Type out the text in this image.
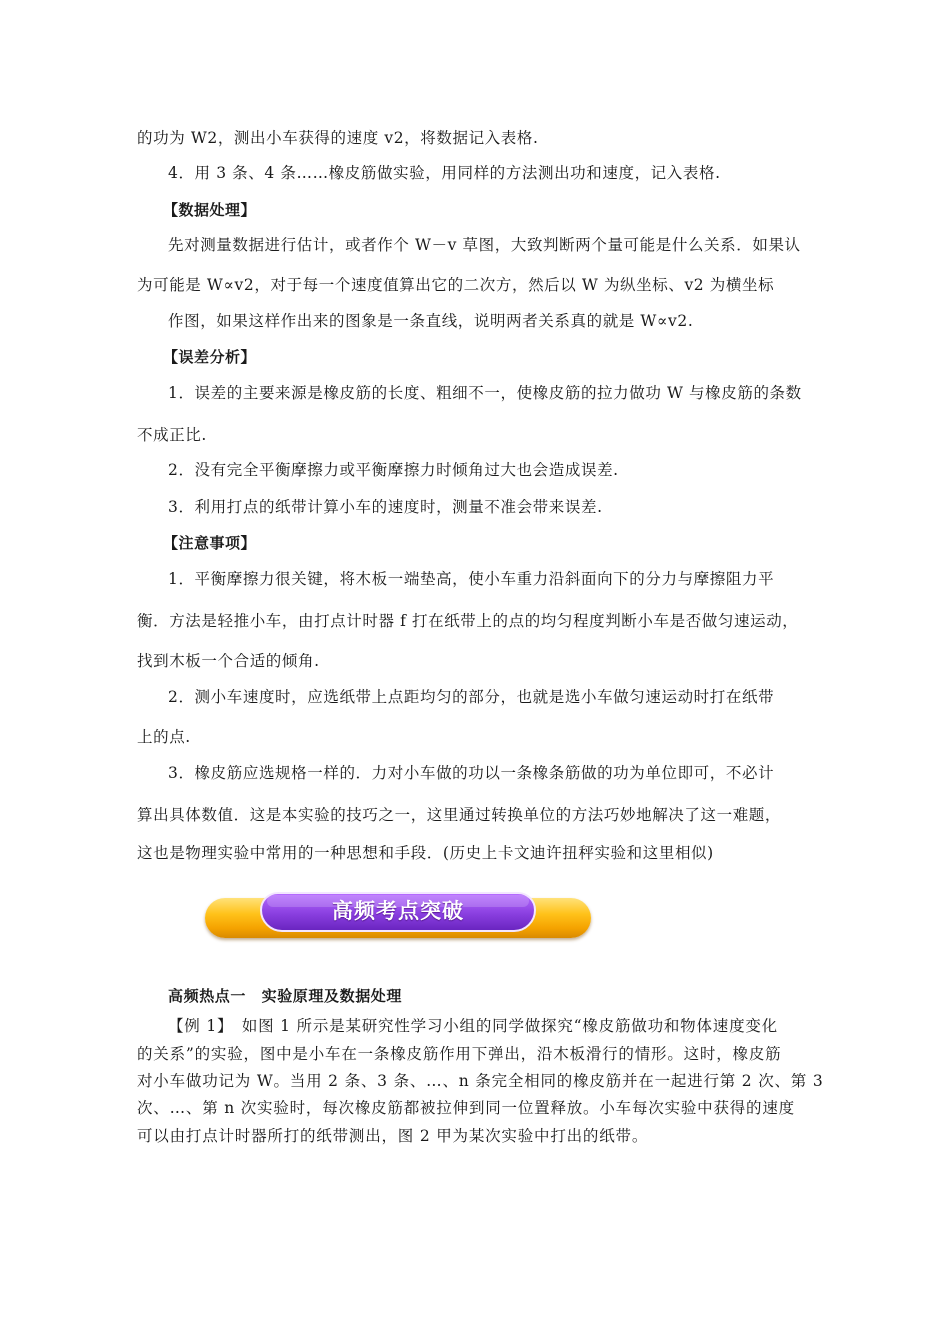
的功为 W2，测出小车获得的速度 v2，将数据记入表格.
4．用 3 条、4 条……橡皮筋做实验，用同样的方法测出功和速度，记入表格.
【数据处理】
先对测量数据进行估计，或者作个 W－v 草图，大致判断两个量可能是什么关系．如果认
为可能是 W∝v2，对于每一个速度值算出它的二次方，然后以 W 为纵坐标、v2 为横坐标
作图，如果这样作出来的图象是一条直线，说明两者关系真的就是 W∝v2.
【误差分析】
1．误差的主要来源是橡皮筋的长度、粗细不一，使橡皮筋的拉力做功 W 与橡皮筋的条数
不成正比.
2．没有完全平衡摩擦力或平衡摩擦力时倾角过大也会造成误差.
3．利用打点的纸带计算小车的速度时，测量不准会带来误差.
【注意事项】
1．平衡摩擦力很关键，将木板一端垫高，使小车重力沿斜面向下的分力与摩擦阻力平
衡．方法是轻推小车，由打点计时器 f 打在纸带上的点的均匀程度判断小车是否做匀速运动，
找到木板一个合适的倾角.
2．测小车速度时，应选纸带上点距均匀的部分，也就是选小车做匀速运动时打在纸带
上的点.
3．橡皮筋应选规格一样的．力对小车做的功以一条橡条筋做的功为单位即可，不必计
算出具体数值．这是本实验的技巧之一，这里通过转换单位的方法巧妙地解决了这一难题，
这也是物理实验中常用的一种思想和手段．(历史上卡文迪许扭秤实验和这里相似)
高频考点突破
高频热点一　实验原理及数据处理
【例 1】　如图 1 所示是某研究性学习小组的同学做探究“橡皮筋做功和物体速度变化
的关系”的实验，图中是小车在一条橡皮筋作用下弹出，沿木板滑行的情形。这时，橡皮筋
对小车做功记为 W。当用 2 条、3 条、…、n 条完全相同的橡皮筋并在一起进行第 2 次、第 3
次、…、第 n 次实验时，每次橡皮筋都被拉伸到同一位置释放。小车每次实验中获得的速度
可以由打点计时器所打的纸带测出，图 2 甲为某次实验中打出的纸带。
